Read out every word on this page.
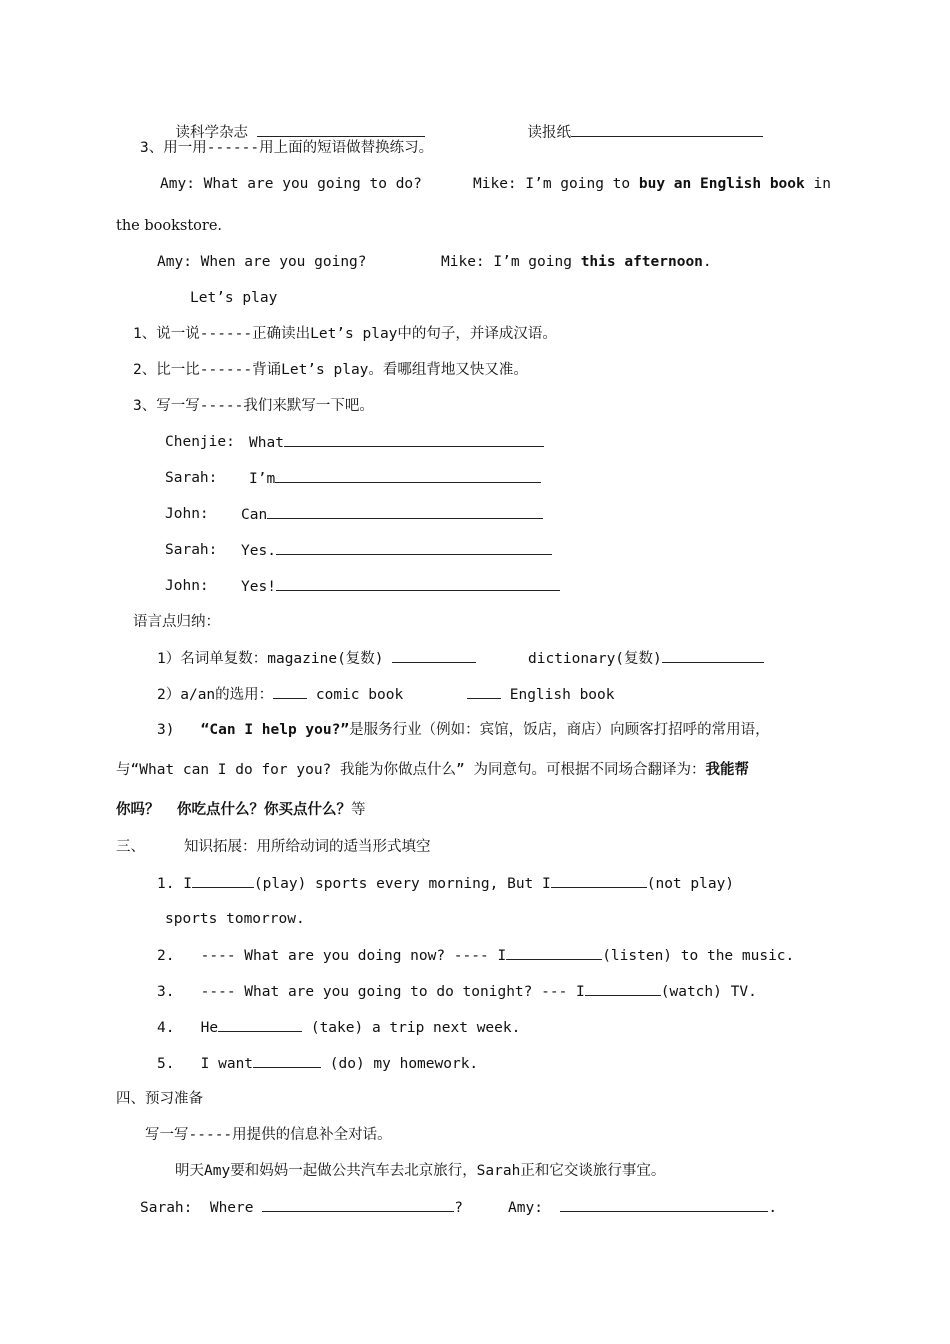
读科学杂志	读报纸

3、用一用------用上面的短语做替换练习。
Amy: What are you going to do?	Mike: I’m going to buy an English book in
the bookstore.
Amy: When are you going?	Mike: I’m going this afternoon.
Let’s play
1、说一说------正确读出Let’s play中的句子，并译成汉语。
2、比一比------背诵Let’s play。看哪组背地又快又准。
3、写一写-----我们来默写一下吧。
Chenjie: What
Sarah: I’m
John: Can
Sarah: Yes.
John: Yes!
语言点归纳：
1）名词单复数：magazine(复数)	dictionary(复数)
2）a/an的选用：	comic book	English book
3) “Can I help you?”是服务行业（例如：宾馆，饭店，商店）向顾客打招呼的常用语，
与“What can I do for you? 我能为你做点什么” 为同意句。可根据不同场合翻译为：我能帮
你吗？  你吃点什么？你买点什么？等
三、	知识拓展：用所给动词的适当形式填空
1. I	(play) sports every morning, But I	(not play)
sports tomorrow.
2.   ---- What are you doing now? ---- I	(listen) to the music.
3.   ---- What are you going to do tonight? --- I	(watch) TV.
4.   He	(take) a trip next week.
5.   I want	(do) my homework.
四、预习准备
写一写-----用提供的信息补全对话。
明天Amy要和妈妈一起做公共汽车去北京旅行，Sarah正和它交谈旅行事宜。
Sarah:  Where	?	Amy:	.
